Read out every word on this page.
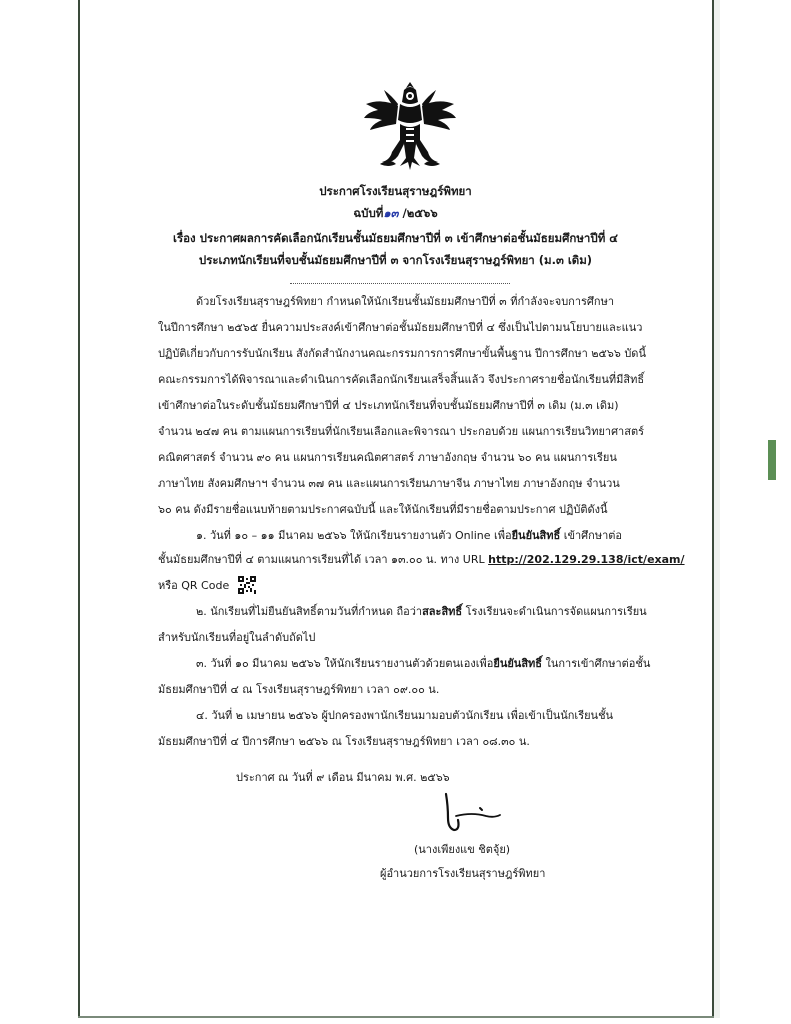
ประกาศโรงเรียนสุราษฎร์พิทยา
ฉบับที่๑๓ /๒๕๖๖
เรื่อง ประกาศผลการคัดเลือกนักเรียนชั้นมัธยมศึกษาปีที่ ๓ เข้าศึกษาต่อชั้นมัธยมศึกษาปีที่ ๔
ประเภทนักเรียนที่จบชั้นมัธยมศึกษาปีที่ ๓ จากโรงเรียนสุราษฎร์พิทยา (ม.๓ เดิม)
ด้วยโรงเรียนสุราษฎร์พิทยา กำหนดให้นักเรียนชั้นมัธยมศึกษาปีที่ ๓ ที่กำลังจะจบการศึกษา
ในปีการศึกษา ๒๕๖๕ ยื่นความประสงค์เข้าศึกษาต่อชั้นมัธยมศึกษาปีที่ ๔ ซึ่งเป็นไปตามนโยบายและแนว
ปฏิบัติเกี่ยวกับการรับนักเรียน สังกัดสำนักงานคณะกรรมการการศึกษาขั้นพื้นฐาน ปีการศึกษา ๒๕๖๖ บัดนี้
คณะกรรมการได้พิจารณาและดำเนินการคัดเลือกนักเรียนเสร็จสิ้นแล้ว จึงประกาศรายชื่อนักเรียนที่มีสิทธิ์
เข้าศึกษาต่อในระดับชั้นมัธยมศึกษาปีที่ ๔ ประเภทนักเรียนที่จบชั้นมัธยมศึกษาปีที่ ๓ เดิม (ม.๓ เดิม)
จำนวน ๒๔๗ คน ตามแผนการเรียนที่นักเรียนเลือกและพิจารณา ประกอบด้วย แผนการเรียนวิทยาศาสตร์
คณิตศาสตร์ จำนวน ๙๐ คน แผนการเรียนคณิตศาสตร์ ภาษาอังกฤษ จำนวน ๖๐ คน แผนการเรียน
ภาษาไทย สังคมศึกษาฯ จำนวน ๓๗ คน และแผนการเรียนภาษาจีน ภาษาไทย ภาษาอังกฤษ จำนวน
๖๐ คน ดังมีรายชื่อแนบท้ายตามประกาศฉบับนี้ และให้นักเรียนที่มีรายชื่อตามประกาศ ปฏิบัติดังนี้
๑. วันที่ ๑๐ – ๑๑ มีนาคม ๒๕๖๖ ให้นักเรียนรายงานตัว Online เพื่อยืนยันสิทธิ์ เข้าศึกษาต่อ
ชั้นมัธยมศึกษาปีที่ ๔ ตามแผนการเรียนที่ได้ เวลา ๑๓.๐๐ น. ทาง URL http://202.129.29.138/ict/exam/
หรือ QR Code
๒. นักเรียนที่ไม่ยืนยันสิทธิ์ตามวันที่กำหนด ถือว่าสละสิทธิ์ โรงเรียนจะดำเนินการจัดแผนการเรียน
สำหรับนักเรียนที่อยู่ในลำดับถัดไป
๓. วันที่ ๑๐ มีนาคม ๒๕๖๖ ให้นักเรียนรายงานตัวด้วยตนเองเพื่อยืนยันสิทธิ์ ในการเข้าศึกษาต่อชั้น
มัธยมศึกษาปีที่ ๔ ณ โรงเรียนสุราษฎร์พิทยา เวลา ๐๙.๐๐ น.
๔. วันที่ ๒ เมษายน ๒๕๖๖ ผู้ปกครองพานักเรียนมามอบตัวนักเรียน เพื่อเข้าเป็นนักเรียนชั้น
มัธยมศึกษาปีที่ ๔ ปีการศึกษา ๒๕๖๖ ณ โรงเรียนสุราษฎร์พิทยา เวลา ๐๘.๓๐ น.
ประกาศ ณ วันที่ ๙ เดือน มีนาคม พ.ศ. ๒๕๖๖
(นางเพียงแข ชิตจุ้ย)
ผู้อำนวยการโรงเรียนสุราษฎร์พิทยา
